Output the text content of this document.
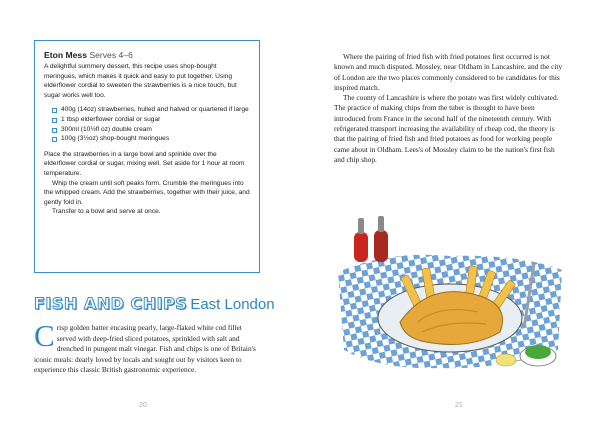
Eton Mess Serves 4–6

A delightful summery dessert, this recipe uses shop-bought meringues, which makes it quick and easy to put together. Using elderflower cordial to sweeten the strawberries is a nice touch, but sugar works well too.

400g (14oz) strawberries, hulled and halved or quartered if large
1 tbsp elderflower cordial or sugar
300ml (10½fl oz) double cream
100g (3½oz) shop-bought meringues

Place the strawberries in a large bowl and sprinkle over the elderflower cordial or sugar, mixing well. Set aside for 1 hour at room temperature.

Whip the cream until soft peaks form. Crumble the meringues into the whipped cream. Add the strawberries, together with their juice, and gently fold in.

Transfer to a bowl and serve at once.

FISH AND CHIPS East London

Crisp golden batter encasing pearly, large-flaked white cod fillet served with deep-fried sliced potatoes, sprinkled with salt and drenched in pungent malt vinegar. Fish and chips is one of Britain's iconic meals: dearly loved by locals and sought out by visitors keen to experience this classic British gastronomic experience.

20

Where the pairing of fried fish with fried potatoes first occurred is not known and much disputed. Mossley, near Oldham in Lancashire, and the city of London are the two places commonly considered to be candidates for this inspired match.

The county of Lancashire is where the potato was first widely cultivated. The practice of making chips from the tuber is thought to have been introduced from France in the second half of the nineteenth century. With refrigerated transport increasing the availability of cheap cod, the theory is that the pairing of fried fish and fried potatoes as food for working people came about in Oldham. Lees's of Mossley claim to be the nation's first fish and chip shop.

21
